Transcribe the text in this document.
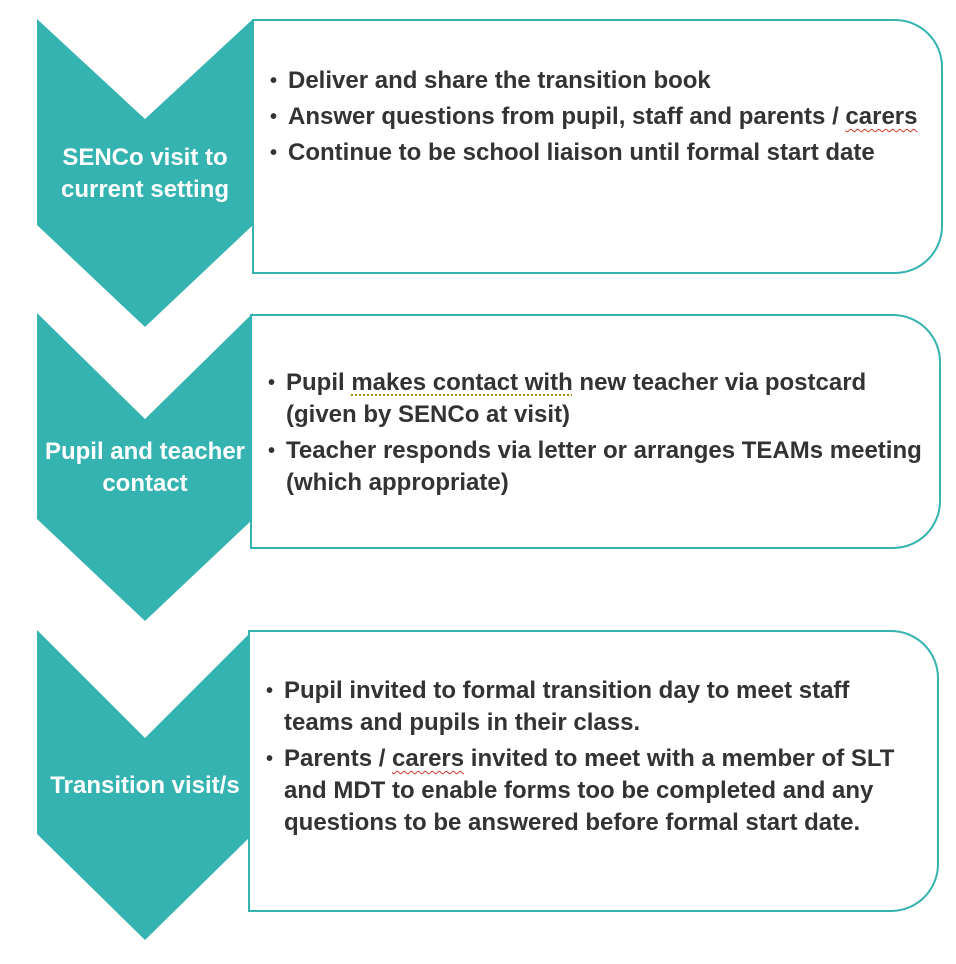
SENCo visit to current setting
• Deliver and share the transition book
• Answer questions from pupil, staff and parents / carers
• Continue to be school liaison until formal start date
Pupil and teacher contact
• Pupil makes contact with new teacher via postcard (given by SENCo at visit)
• Teacher responds via letter or arranges TEAMs meeting (which appropriate)
Transition visit/s
• Pupil invited to formal transition day to meet staff teams and pupils in their class.
• Parents / carers invited to meet with a member of SLT and MDT to enable forms too be completed and any questions to be answered before formal start date.
